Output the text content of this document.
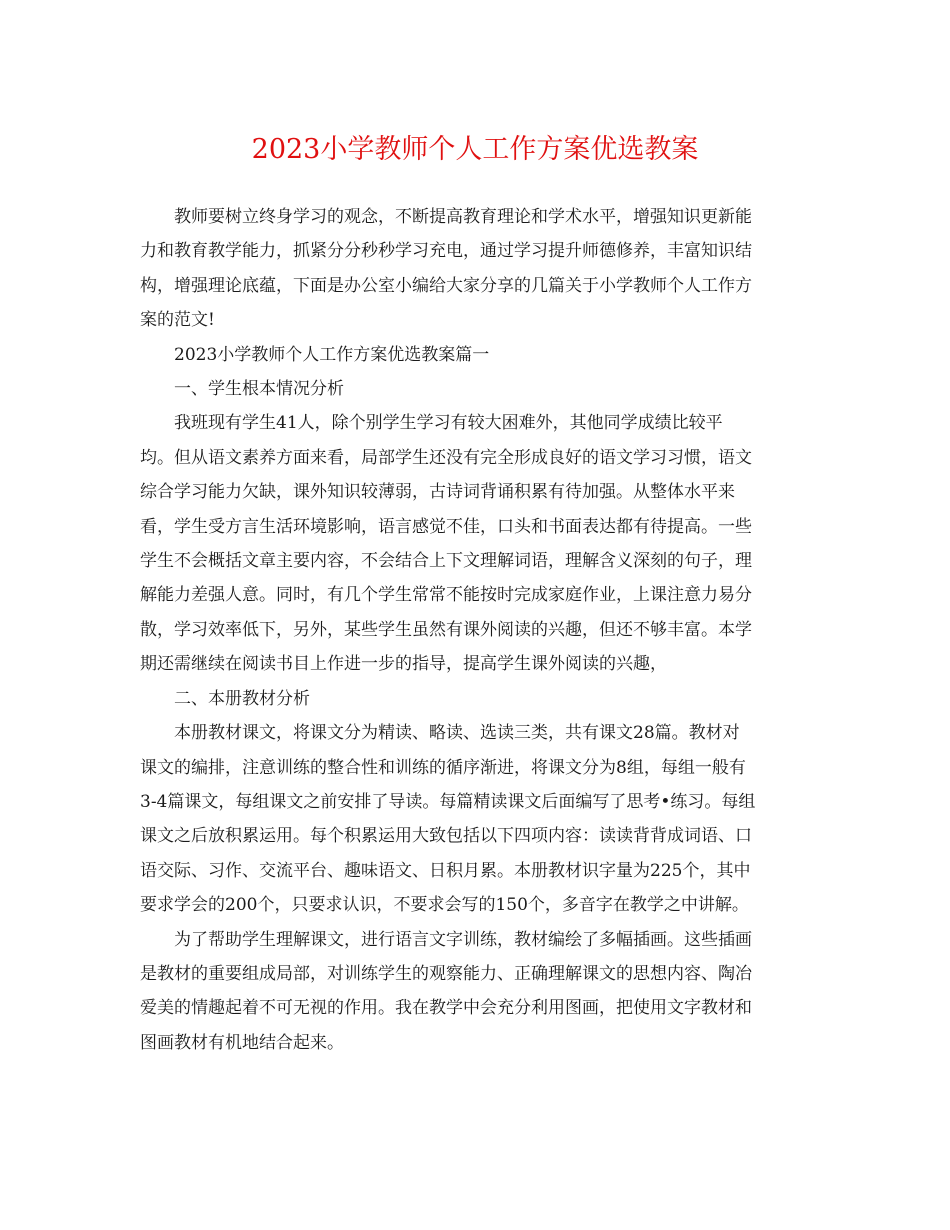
2023小学教师个人工作方案优选教案

教师要树立终身学习的观念，不断提高教育理论和学术水平，增强知识更新能

力和教育教学能力，抓紧分分秒秒学习充电，通过学习提升师德修养，丰富知识结

构，增强理论底蕴，下面是办公室小编给大家分享的几篇关于小学教师个人工作方

案的范文!

2023小学教师个人工作方案优选教案篇一

一、学生根本情况分析

我班现有学生41人，除个别学生学习有较大困难外，其他同学成绩比较平

均。但从语文素养方面来看，局部学生还没有完全形成良好的语文学习习惯，语文

综合学习能力欠缺，课外知识较薄弱，古诗词背诵积累有待加强。从整体水平来

看，学生受方言生活环境影响，语言感觉不佳，口头和书面表达都有待提高。一些

学生不会概括文章主要内容，不会结合上下文理解词语，理解含义深刻的句子，理

解能力差强人意。同时，有几个学生常常不能按时完成家庭作业，上课注意力易分

散，学习效率低下，另外，某些学生虽然有课外阅读的兴趣，但还不够丰富。本学

期还需继续在阅读书目上作进一步的指导，提高学生课外阅读的兴趣，

二、本册教材分析

本册教材课文，将课文分为精读、略读、选读三类，共有课文28篇。教材对

课文的编排，注意训练的整合性和训练的循序渐进，将课文分为8组，每组一般有

3-4篇课文，每组课文之前安排了导读。每篇精读课文后面编写了思考•练习。每组

课文之后放积累运用。每个积累运用大致包括以下四项内容：读读背背成词语、口

语交际、习作、交流平台、趣味语文、日积月累。本册教材识字量为225个，其中

要求学会的200个，只要求认识，不要求会写的150个，多音字在教学之中讲解。

为了帮助学生理解课文，进行语言文字训练，教材编绘了多幅插画。这些插画

是教材的重要组成局部，对训练学生的观察能力、正确理解课文的思想内容、陶冶

爱美的情趣起着不可无视的作用。我在教学中会充分利用图画，把使用文字教材和

图画教材有机地结合起来。
